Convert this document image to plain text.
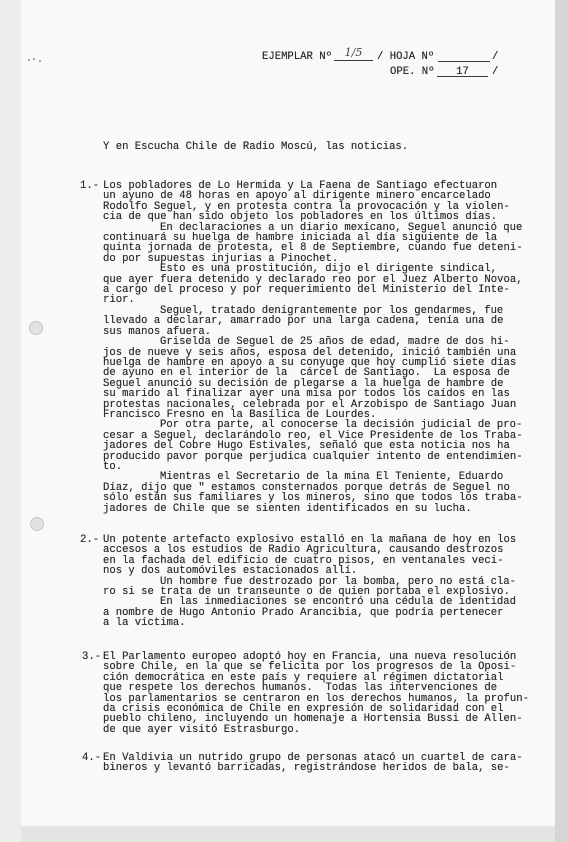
EJEMPLAR Nº	1/5	/ HOJA Nº	/
OPE. Nº	17	/
Y en Escucha Chile de Radio Moscú, las noticias.
1.- Los pobladores de Lo Hermida y La Faena de Santiago efectuaron
un ayuno de 48 horas en apoyo al dirigente minero encarcelado
Rodolfo Seguel, y en protesta contra la provocación y la violen-
cia de que han sido objeto los pobladores en los últimos días.
En declaraciones a un diario mexicano, Seguel anunció que
continuará su huelga de hambre iniciada al día siguiente de la
quinta jornada de protesta, el 8 de Septiembre, cuando fue deteni-
do por supuestas injurias a Pinochet.
Esto es una prostitución, dijo el dirigente sindical,
que ayer fuera detenido y declarado reo por el Juez Alberto Novoa,
a cargo del proceso y por requerimiento del Ministerio del Inte-
rior.
Seguel, tratado denigrantemente por los gendarmes, fue
llevado a declarar, amarrado por una larga cadena, tenía una de
sus manos afuera.
Griselda de Seguel de 25 años de edad, madre de dos hi-
jos de nueve y seis años, esposa del detenido, inició también una
huelga de hambre en apoyo a su conyuge que hoy cumplió siete días
de ayuno en el interior de la  cárcel de Santiago.  La esposa de
Seguel anunció su decisión de plegarse a la huelga de hambre de
su marido al finalizar ayer una misa por todos los caídos en las
protestas nacionales, celebrada por el Arzobispo de Santiago Juan
Francisco Fresno en la Basílica de Lourdes.
Por otra parte, al conocerse la decisión judicial de pro-
cesar a Seguel, declarándolo reo, el Vice Presidente de los Traba-
jadores del Cobre Hugo Estivales, señaló que esta noticia nos ha
producido pavor porque perjudica cualquier intento de entendimien-
to.
Mientras el Secretario de la mina El Teniente, Eduardo
Díaz, dijo que " estamos consternados porque detrás de Seguel no
sólo están sus familiares y los mineros, sino que todos los traba-
jadores de Chile que se sienten identificados en su lucha.
2.- Un potente artefacto explosivo estalló en la mañana de hoy en los
accesos a los estudios de Radio Agricultura, causando destrozos
en la fachada del edificio de cuatro pisos, en ventanales veci-
nos y dos automóviles estacionados allí.
Un hombre fue destrozado por la bomba, pero no está cla-
ro si se trata de un transeunte o de quien portaba el explosivo.
En las inmediaciones se encontró una cédula de identidad
a nombre de Hugo Antonio Prado Arancibia, que podría pertenecer
a la víctima.
3.- El Parlamento europeo adoptó hoy en Francia, una nueva resolución
sobre Chile, en la que se felicita por los progresos de la Oposi-
ción democrática en este país y requiere al régimen dictatorial
que respete los derechos humanos.  Todas las intervenciones de
los parlamentarios se centraron en los derechos humanos, la profun-
da crisis económica de Chile en expresión de solidaridad con el
pueblo chileno, incluyendo un homenaje a Hortensia Bussi de Allen-
de que ayer visitó Estrasburgo.
4.- En Valdivia un nutrido grupo de personas atacó un cuartel de cara-
bineros y levantó barricadas, registrándose heridos de bala, se-
